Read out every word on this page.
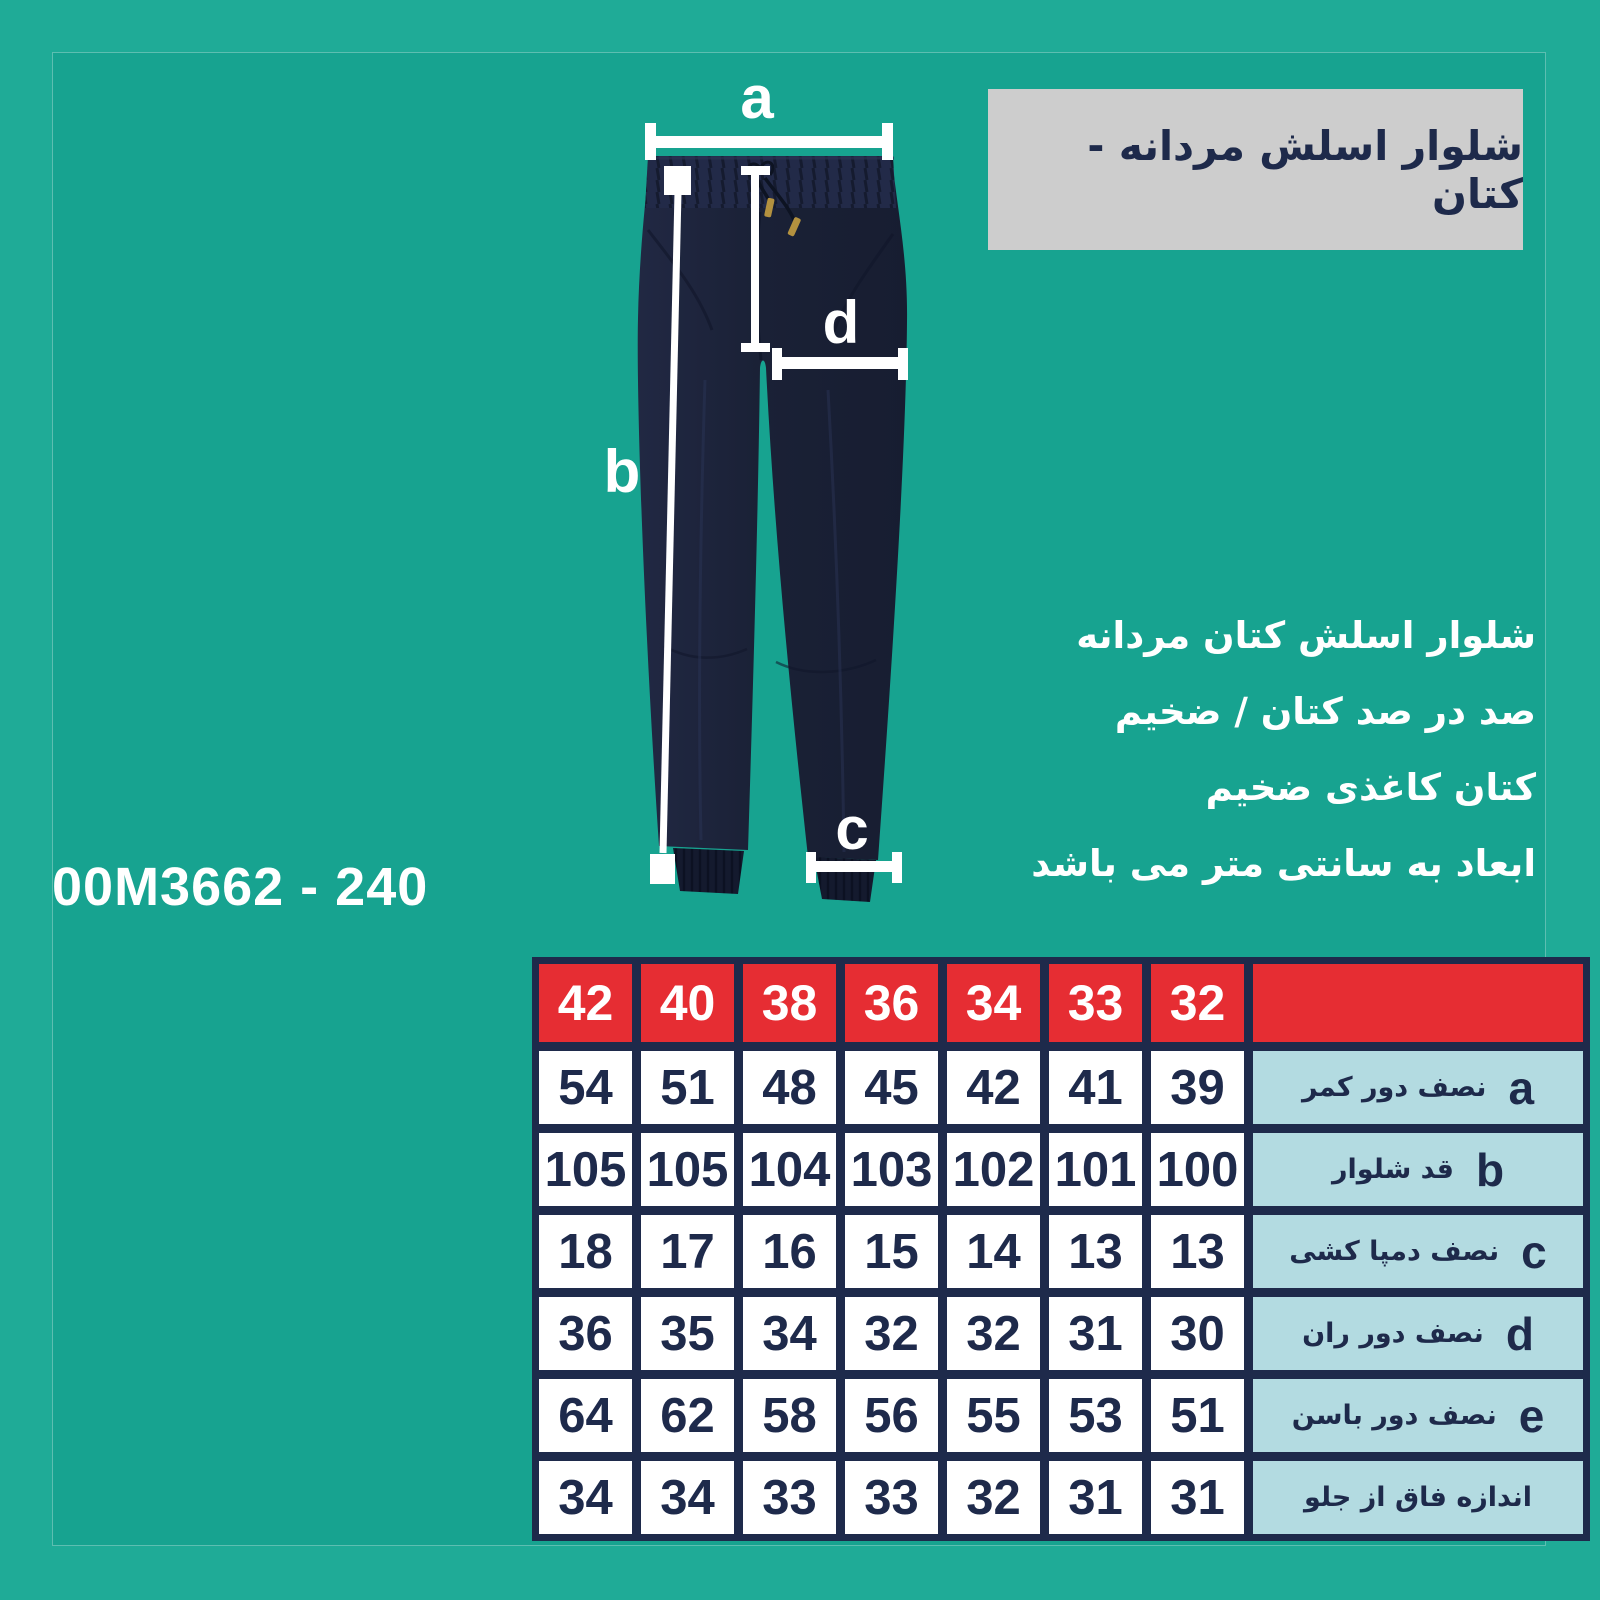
a
b
d
c
شلوار اسلش مردانه - کتان
شلوار اسلش کتان مردانه
صد در صد کتان / ضخیم
کتان کاغذی ضخیم
ابعاد به سانتی متر می باشد
00M3662 - 240
42 40 38 36 34 33 32
54 51 48 45 42 41 39	a
نصف دور کمر
105 105 104 103 102 101 100	b
قد شلوار
18 17 16 15 14 13 13	c
نصف دمپا کشی
36 35 34 32 32 31 30	d
نصف دور ران
64 62 58 56 55 53 51	e
نصف دور باسن
34 34 33 33 32 31 31	اندازه فاق از جلو
